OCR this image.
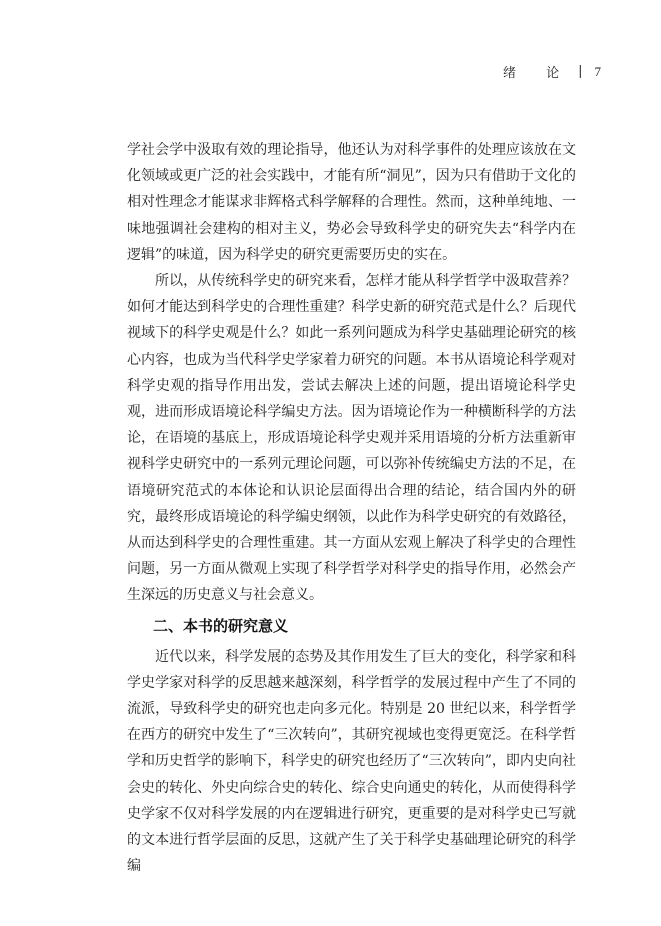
绪 论 | 7

学社会学中汲取有效的理论指导，他还认为对科学事件的处理应该放在文化领域或更广泛的社会实践中，才能有所“洞见”，因为只有借助于文化的相对性理念才能谋求非辉格式科学解释的合理性。然而，这种单纯地、一味地强调社会建构的相对主义，势必会导致科学史的研究失去“科学内在逻辑”的味道，因为科学史的研究更需要历史的实在。

所以，从传统科学史的研究来看，怎样才能从科学哲学中汲取营养？如何才能达到科学史的合理性重建？科学史新的研究范式是什么？后现代视域下的科学史观是什么？如此一系列问题成为科学史基础理论研究的核心内容，也成为当代科学史学家着力研究的问题。本书从语境论科学观对科学史观的指导作用出发，尝试去解决上述的问题，提出语境论科学史观，进而形成语境论科学编史方法。因为语境论作为一种横断科学的方法论，在语境的基底上，形成语境论科学史观并采用语境的分析方法重新审视科学史研究中的一系列元理论问题，可以弥补传统编史方法的不足，在语境研究范式的本体论和认识论层面得出合理的结论，结合国内外的研究，最终形成语境论的科学编史纲领，以此作为科学史研究的有效路径，从而达到科学史的合理性重建。其一方面从宏观上解决了科学史的合理性问题，另一方面从微观上实现了科学哲学对科学史的指导作用，必然会产生深远的历史意义与社会意义。

二、本书的研究意义

近代以来，科学发展的态势及其作用发生了巨大的变化，科学家和科学史学家对科学的反思越来越深刻，科学哲学的发展过程中产生了不同的流派，导致科学史的研究也走向多元化。特别是 20 世纪以来，科学哲学在西方的研究中发生了“三次转向”，其研究视域也变得更宽泛。在科学哲学和历史哲学的影响下，科学史的研究也经历了“三次转向”，即内史向社会史的转化、外史向综合史的转化、综合史向通史的转化，从而使得科学史学家不仅对科学发展的内在逻辑进行研究，更重要的是对科学史已写就的文本进行哲学层面的反思，这就产生了关于科学史基础理论研究的科学编
